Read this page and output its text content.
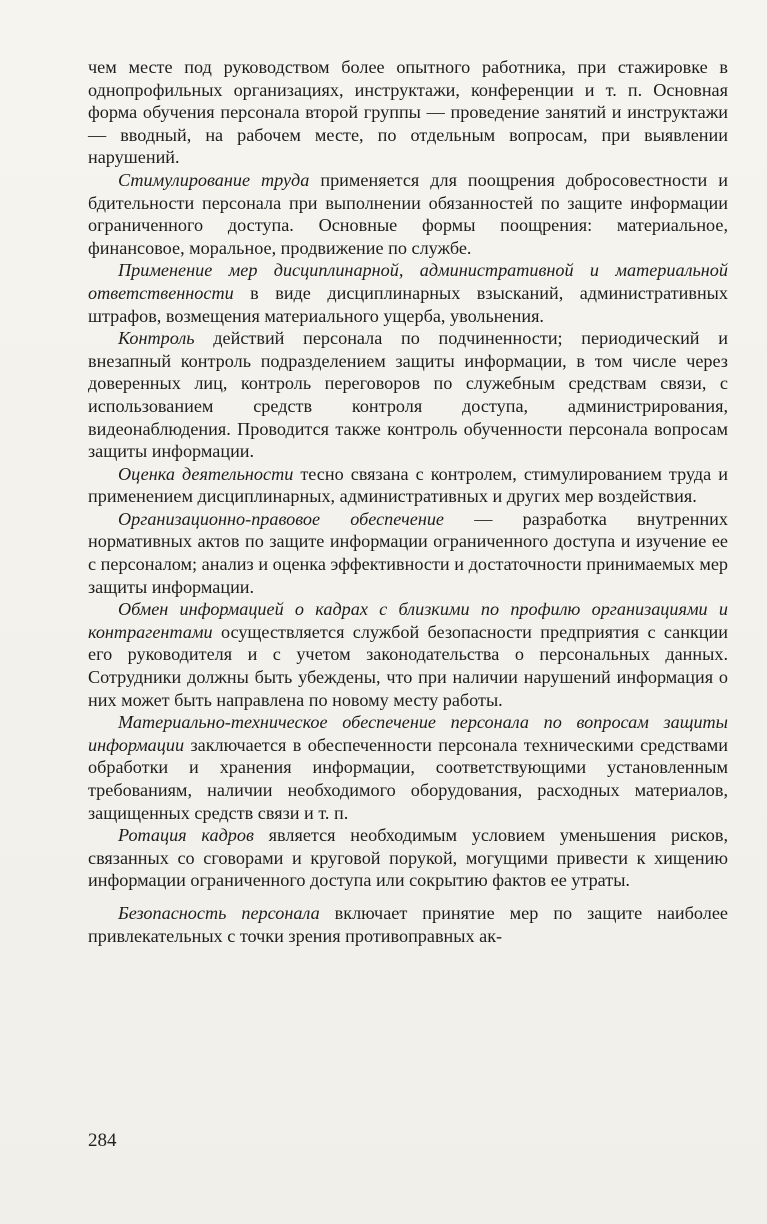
чем месте под руководством более опытного работника, при стажировке в однопрофильных организациях, инструктажи, конференции и т. п. Основная форма обучения персонала второй группы — проведение занятий и инструктажи — вводный, на рабочем месте, по отдельным вопросам, при выявлении нарушений.

Стимулирование труда применяется для поощрения добросовестности и бдительности персонала при выполнении обязанностей по защите информации ограниченного доступа. Основные формы поощрения: материальное, финансовое, моральное, продвижение по службе.

Применение мер дисциплинарной, административной и материальной ответственности в виде дисциплинарных взысканий, административных штрафов, возмещения материального ущерба, увольнения.

Контроль действий персонала по подчиненности; периодический и внезапный контроль подразделением защиты информации, в том числе через доверенных лиц, контроль переговоров по служебным средствам связи, с использованием средств контроля доступа, администрирования, видеонаблюдения. Проводится также контроль обученности персонала вопросам защиты информации.

Оценка деятельности тесно связана с контролем, стимулированием труда и применением дисциплинарных, административных и других мер воздействия.

Организационно-правовое обеспечение — разработка внутренних нормативных актов по защите информации ограниченного доступа и изучение ее с персоналом; анализ и оценка эффективности и достаточности принимаемых мер защиты информации.

Обмен информацией о кадрах с близкими по профилю организациями и контрагентами осуществляется службой безопасности предприятия с санкции его руководителя и с учетом законодательства о персональных данных. Сотрудники должны быть убеждены, что при наличии нарушений информация о них может быть направлена по новому месту работы.

Материально-техническое обеспечение персонала по вопросам защиты информации заключается в обеспеченности персонала техническими средствами обработки и хранения информации, соответствующими установленным требованиям, наличии необходимого оборудования, расходных материалов, защищенных средств связи и т. п.

Ротация кадров является необходимым условием уменьшения рисков, связанных со сговорами и круговой порукой, могущими привести к хищению информации ограниченного доступа или сокрытию фактов ее утраты.

Безопасность персонала включает принятие мер по защите наиболее привлекательных с точки зрения противоправных ак-

284
